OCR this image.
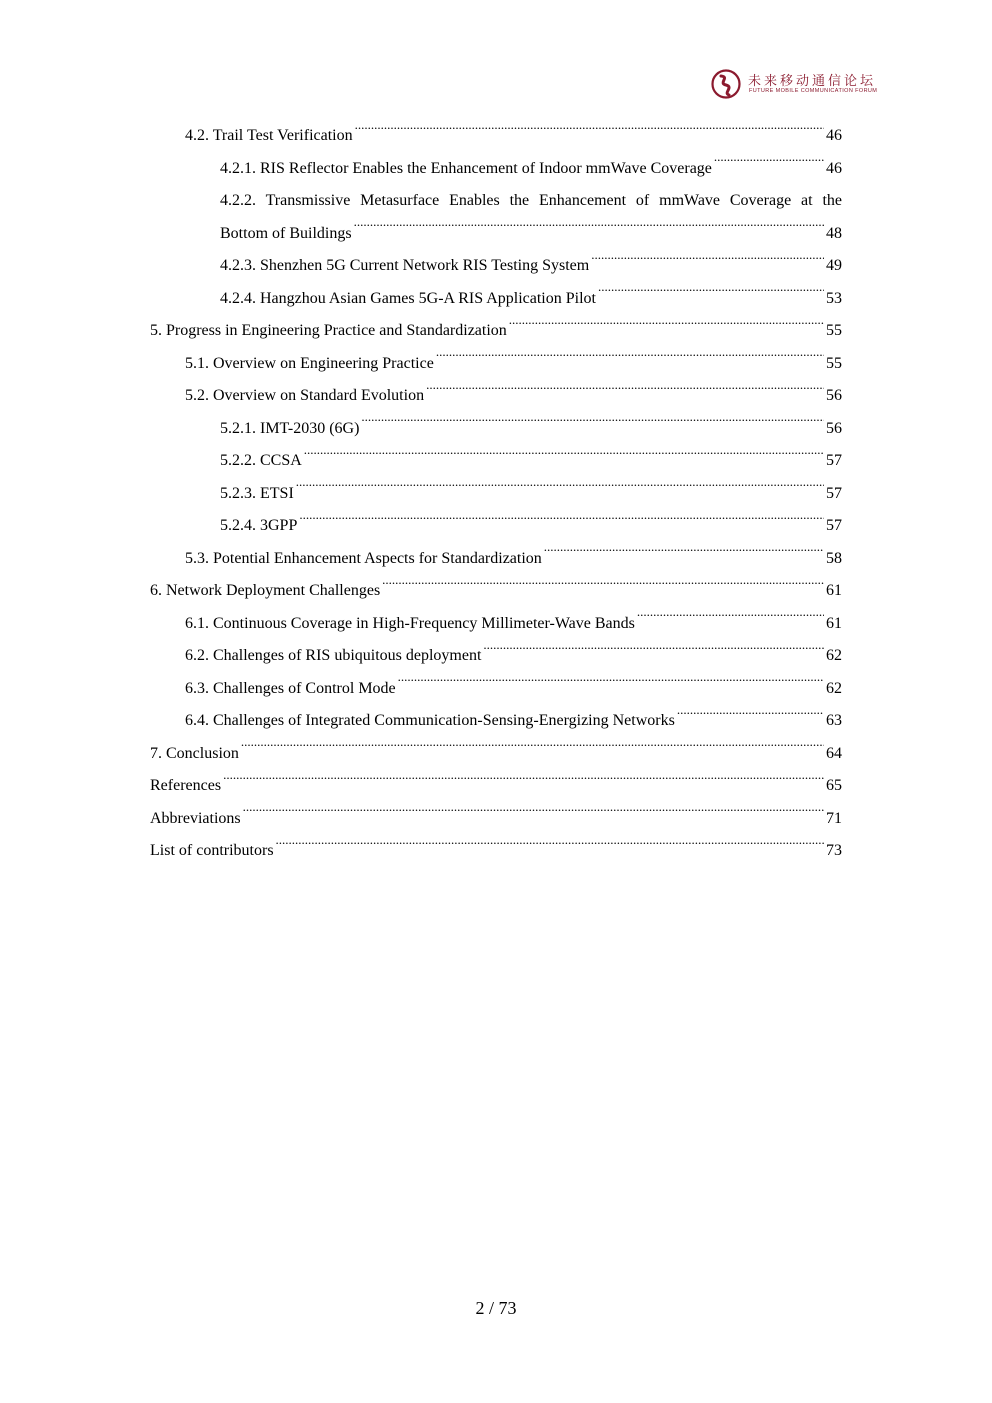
未来移动通信论坛
FUTURE MOBILE COMMUNICATION FORUM
4.2. Trail Test Verification .....	46
4.2.1. RIS Reflector Enables the Enhancement of Indoor mmWave Coverage .....	46
4.2.2. Transmissive Metasurface Enables the Enhancement of mmWave Coverage at the
Bottom of Buildings .....	48
4.2.3. Shenzhen 5G Current Network RIS Testing System .....	49
4.2.4. Hangzhou Asian Games 5G-A RIS Application Pilot .....	53
5. Progress in Engineering Practice and Standardization .....	55
5.1. Overview on Engineering Practice .....	55
5.2. Overview on Standard Evolution .....	56
5.2.1. IMT-2030 (6G) .....	56
5.2.2. CCSA .....	57
5.2.3. ETSI .....	57
5.2.4. 3GPP .....	57
5.3. Potential Enhancement Aspects for Standardization .....	58
6. Network Deployment Challenges .....	61
6.1. Continuous Coverage in High-Frequency Millimeter-Wave Bands .....	61
6.2. Challenges of RIS ubiquitous deployment .....	62
6.3. Challenges of Control Mode .....	62
6.4. Challenges of Integrated Communication-Sensing-Energizing Networks .....	63
7. Conclusion .....	64
References .....	65
Abbreviations .....	71
List of contributors .....	73
2 / 73
